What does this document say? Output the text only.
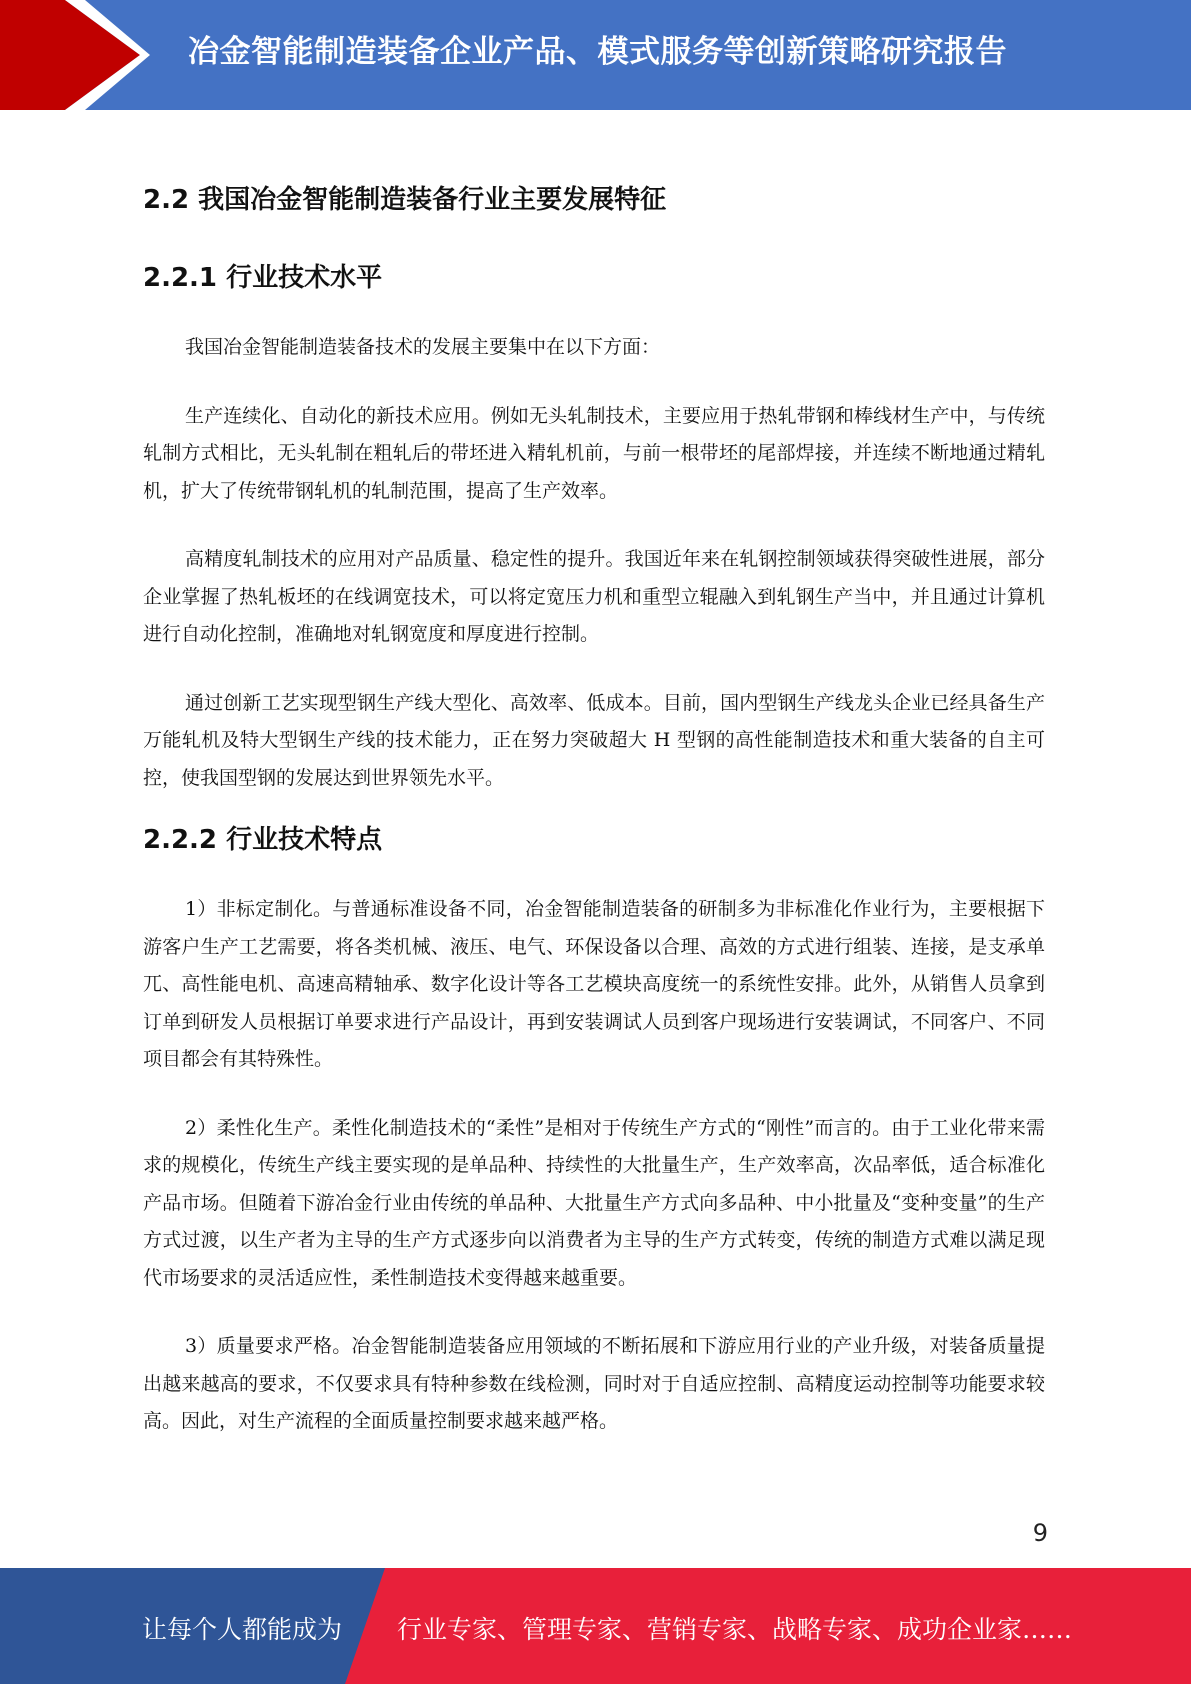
冶金智能制造装备企业产品、模式服务等创新策略研究报告
2.2 我国冶金智能制造装备行业主要发展特征
2.2.1 行业技术水平

我国冶金智能制造装备技术的发展主要集中在以下方面：

生产连续化、自动化的新技术应用。例如无头轧制技术，主要应用于热轧带钢和棒线材生产中，与传统轧制方式相比，无头轧制在粗轧后的带坯进入精轧机前，与前一根带坯的尾部焊接，并连续不断地通过精轧机，扩大了传统带钢轧机的轧制范围，提高了生产效率。

高精度轧制技术的应用对产品质量、稳定性的提升。我国近年来在轧钢控制领域获得突破性进展，部分企业掌握了热轧板坯的在线调宽技术，可以将定宽压力机和重型立辊融入到轧钢生产当中，并且通过计算机进行自动化控制，准确地对轧钢宽度和厚度进行控制。

通过创新工艺实现型钢生产线大型化、高效率、低成本。目前，国内型钢生产线龙头企业已经具备生产万能轧机及特大型钢生产线的技术能力，正在努力突破超大 H 型钢的高性能制造技术和重大装备的自主可控，使我国型钢的发展达到世界领先水平。

2.2.2 行业技术特点

1）非标定制化。与普通标准设备不同，冶金智能制造装备的研制多为非标准化作业行为，主要根据下游客户生产工艺需要，将各类机械、液压、电气、环保设备以合理、高效的方式进行组装、连接，是支承单兀、高性能电机、高速高精轴承、数字化设计等各工艺模块高度统一的系统性安排。此外，从销售人员拿到订单到研发人员根据订单要求进行产品设计，再到安装调试人员到客户现场进行安装调试，不同客户、不同项目都会有其特殊性。

2）柔性化生产。柔性化制造技术的“柔性”是相对于传统生产方式的“刚性”而言的。由于工业化带来需求的规模化，传统生产线主要实现的是单品种、持续性的大批量生产，生产效率高，次品率低，适合标准化产品市场。但随着下游冶金行业由传统的单品种、大批量生产方式向多品种、中小批量及“变种变量”的生产方式过渡，以生产者为主导的生产方式逐步向以消费者为主导的生产方式转变，传统的制造方式难以满足现代市场要求的灵活适应性，柔性制造技术变得越来越重要。

3）质量要求严格。冶金智能制造装备应用领域的不断拓展和下游应用行业的产业升级，对装备质量提出越来越高的要求，不仅要求具有特种参数在线检测，同时对于自适应控制、高精度运动控制等功能要求较高。因此，对生产流程的全面质量控制要求越来越严格。

9
让每个人都能成为 行业专家、管理专家、营销专家、战略专家、成功企业家……
